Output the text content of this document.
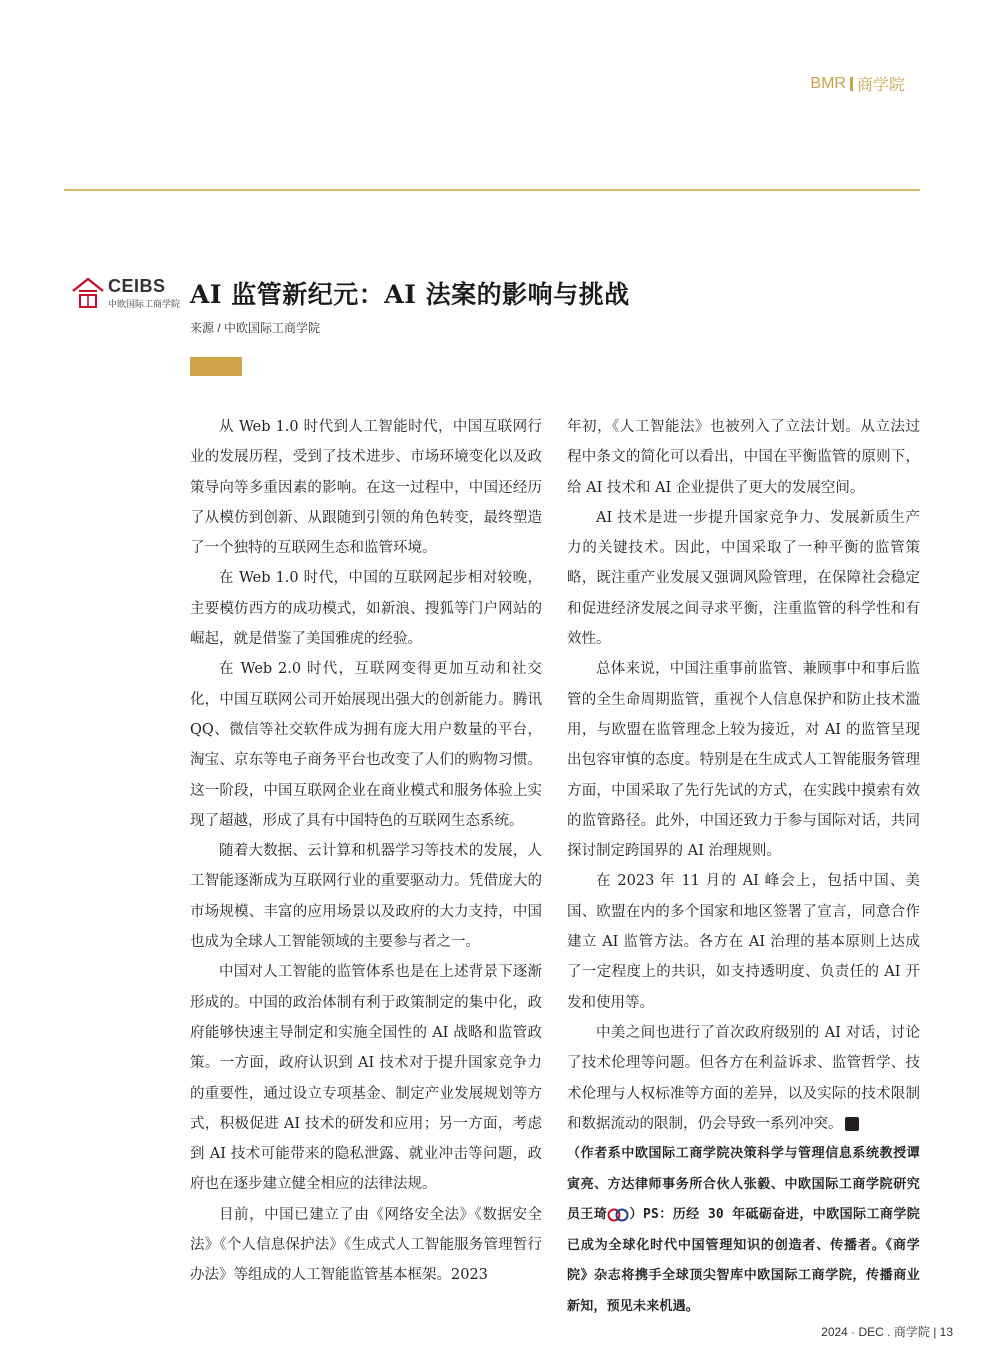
BMR 商学院
CEIBS
中欧国际工商学院 AI 监管新纪元：AI 法案的影响与挑战
来源 / 中欧国际工商学院

从 Web 1.0 时代到人工智能时代，中国互联网行业的发展历程，受到了技术进步、市场环境变化以及政策导向等多重因素的影响。在这一过程中，中国还经历了从模仿到创新、从跟随到引领的角色转变，最终塑造了一个独特的互联网生态和监管环境。

在 Web 1.0 时代，中国的互联网起步相对较晚，主要模仿西方的成功模式，如新浪、搜狐等门户网站的崛起，就是借鉴了美国雅虎的经验。

在 Web 2.0 时代，互联网变得更加互动和社交化，中国互联网公司开始展现出强大的创新能力。腾讯 QQ、微信等社交软件成为拥有庞大用户数量的平台，淘宝、京东等电子商务平台也改变了人们的购物习惯。这一阶段，中国互联网企业在商业模式和服务体验上实现了超越，形成了具有中国特色的互联网生态系统。

随着大数据、云计算和机器学习等技术的发展，人工智能逐渐成为互联网行业的重要驱动力。凭借庞大的市场规模、丰富的应用场景以及政府的大力支持，中国也成为全球人工智能领域的主要参与者之一。

中国对人工智能的监管体系也是在上述背景下逐渐形成的。中国的政治体制有利于政策制定的集中化，政府能够快速主导制定和实施全国性的 AI 战略和监管政策。一方面，政府认识到 AI 技术对于提升国家竞争力的重要性，通过设立专项基金、制定产业发展规划等方式，积极促进 AI 技术的研发和应用；另一方面，考虑到 AI 技术可能带来的隐私泄露、就业冲击等问题，政府也在逐步建立健全相应的法律法规。

目前，中国已建立了由《网络安全法》《数据安全法》《个人信息保护法》《生成式人工智能服务管理暂行办法》等组成的人工智能监管基本框架。2023

年初，《人工智能法》也被列入了立法计划。从立法过程中条文的简化可以看出，中国在平衡监管的原则下，给 AI 技术和 AI 企业提供了更大的发展空间。

AI 技术是进一步提升国家竞争力、发展新质生产力的关键技术。因此，中国采取了一种平衡的监管策略，既注重产业发展又强调风险管理，在保障社会稳定和促进经济发展之间寻求平衡，注重监管的科学性和有效性。

总体来说，中国注重事前监管、兼顾事中和事后监管的全生命周期监管，重视个人信息保护和防止技术滥用，与欧盟在监管理念上较为接近，对 AI 的监管呈现出包容审慎的态度。特别是在生成式人工智能服务管理方面，中国采取了先行先试的方式，在实践中摸索有效的监管路径。此外，中国还致力于参与国际对话，共同探讨制定跨国界的 AI 治理规则。

在 2023 年 11 月的 AI 峰会上，包括中国、美国、欧盟在内的多个国家和地区签署了宣言，同意合作建立 AI 监管方法。各方在 AI 治理的基本原则上达成了一定程度上的共识，如支持透明度、负责任的 AI 开发和使用等。

中美之间也进行了首次政府级别的 AI 对话，讨论了技术伦理等问题。但各方在利益诉求、监管哲学、技术伦理与人权标准等方面的差异，以及实际的技术限制和数据流动的限制，仍会导致一系列冲突。	商

（作者系中欧国际工商学院决策科学与管理信息系统教授谭寅亮、方达律师事务所合伙人张毅、中欧国际工商学院研究员王琦 ）PS：历经 30 年砥砺奋进，中欧国际工商学院已成为全球化时代中国管理知识的创造者、传播者。《商学院》杂志将携手全球顶尖智库中欧国际工商学院，传播商业新知，预见未来机遇。

2024 · DEC . 商学院 | 13
